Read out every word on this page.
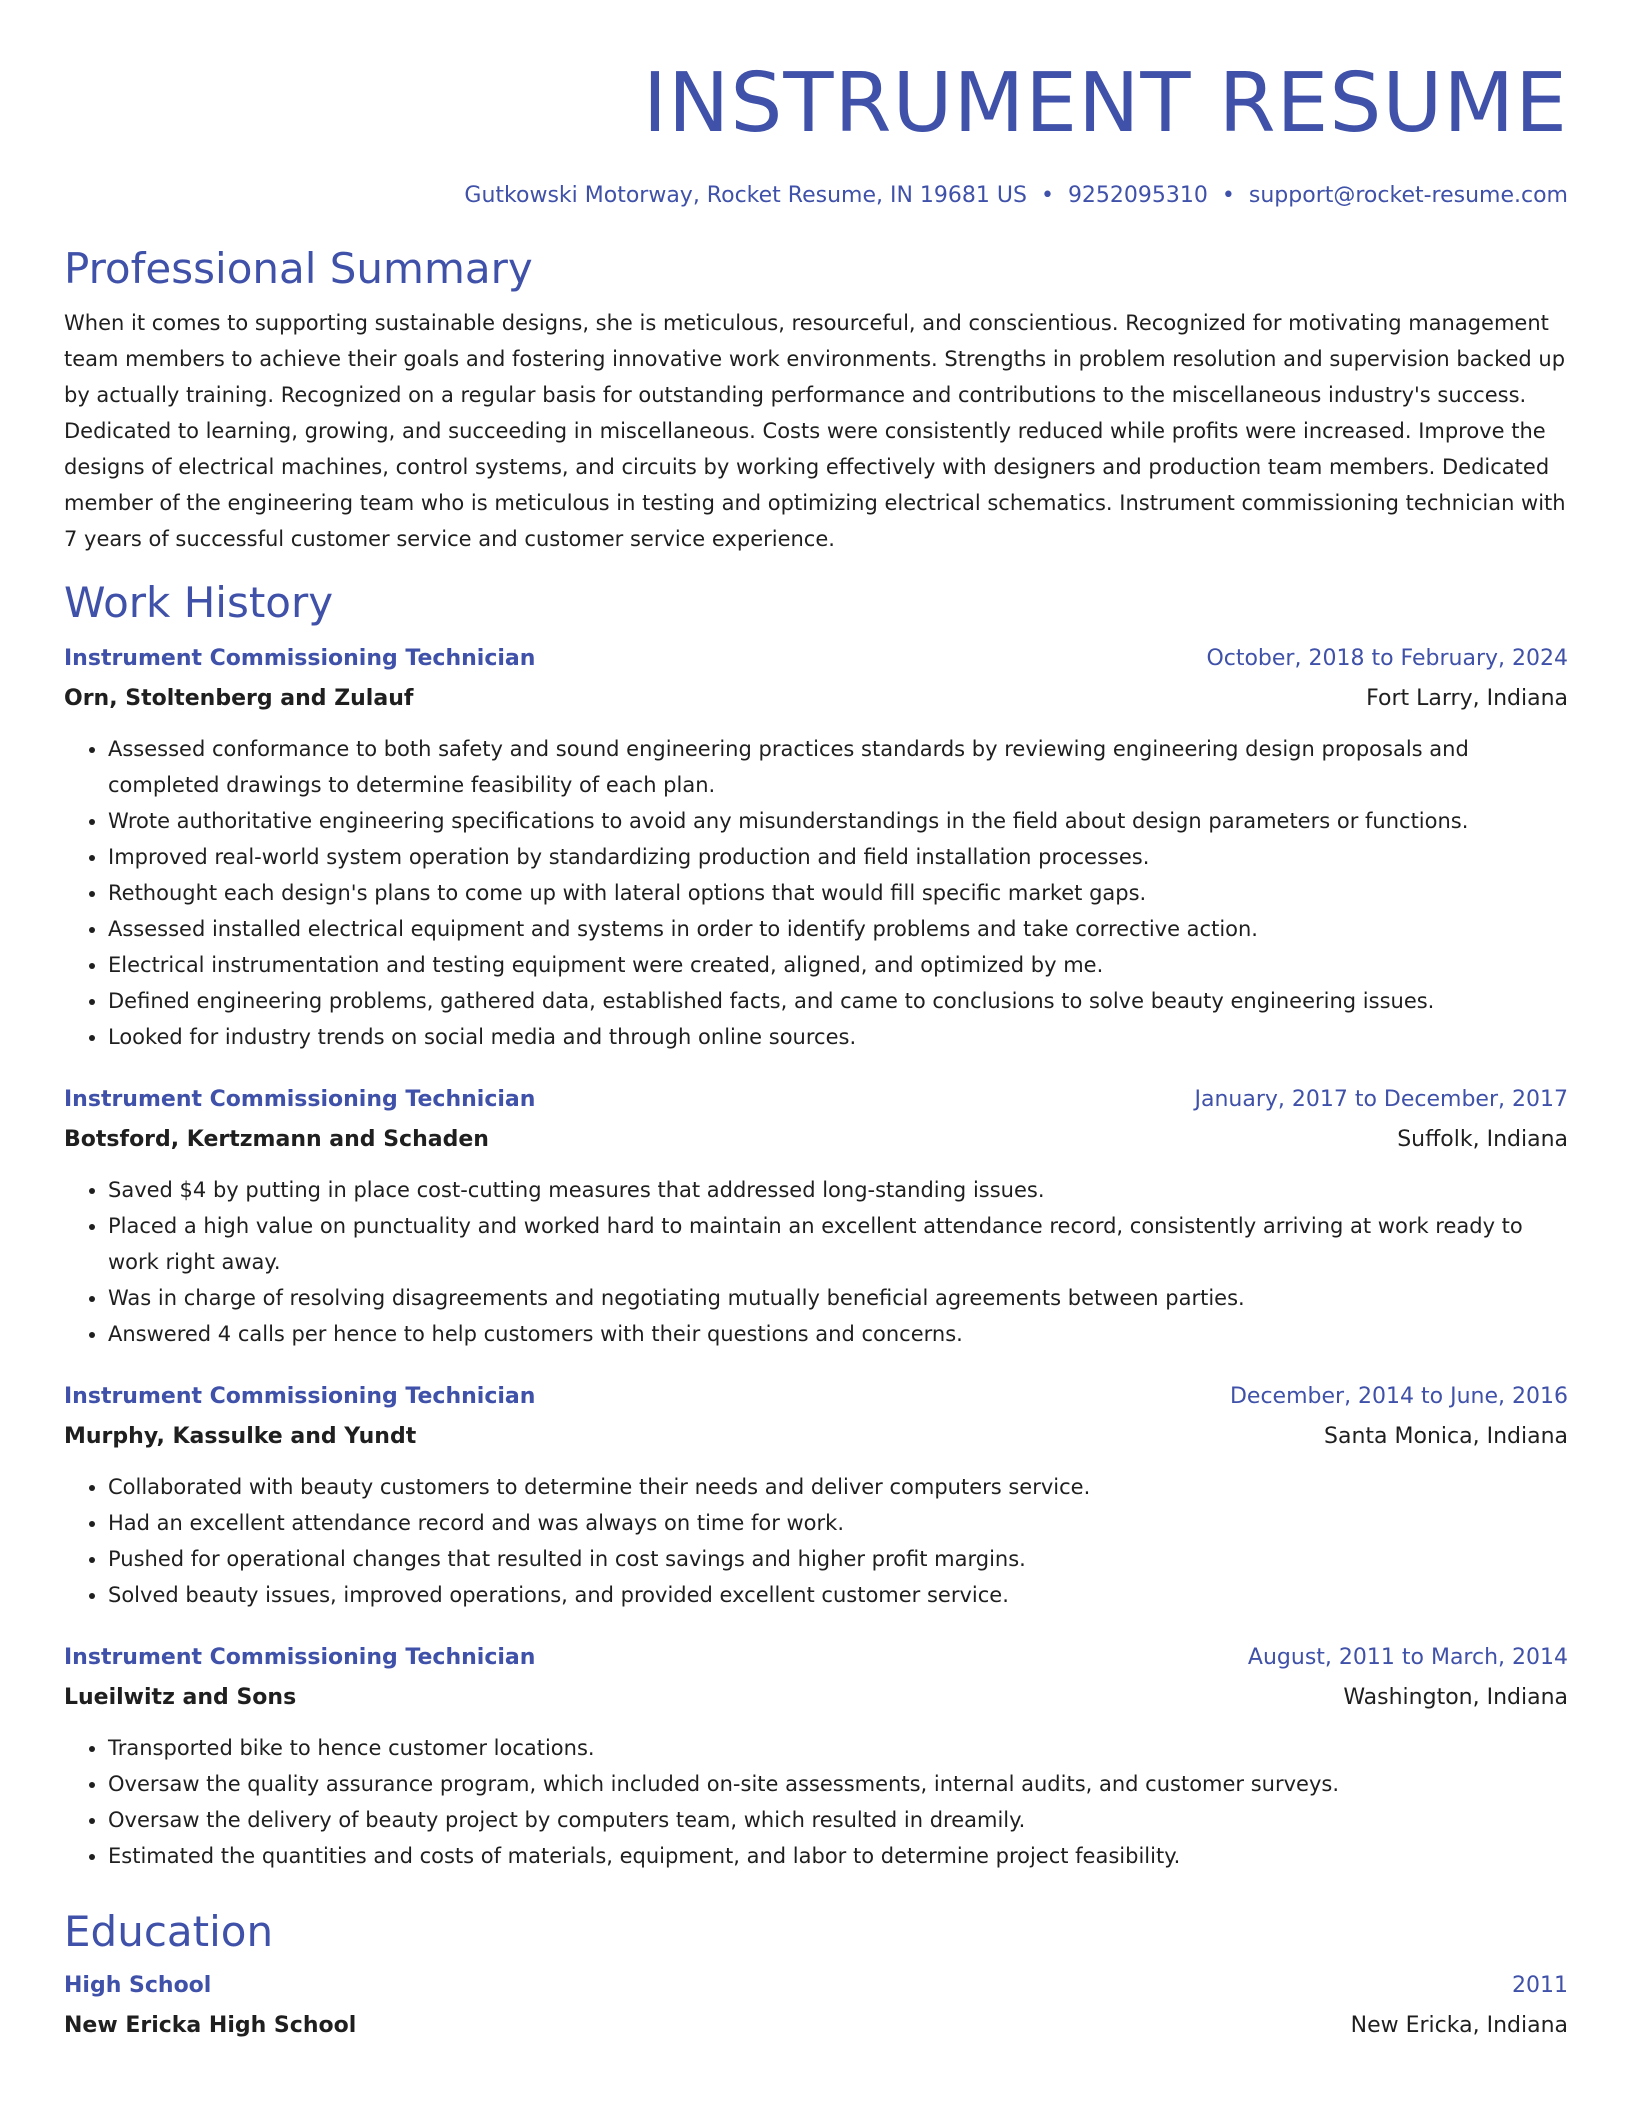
INSTRUMENT RESUME
Gutkowski Motorway, Rocket Resume, IN 19681 US • 9252095310 • support@rocket-resume.com
Professional Summary
When it comes to supporting sustainable designs, she is meticulous, resourceful, and conscientious. Recognized for motivating management team members to achieve their goals and fostering innovative work environments. Strengths in problem resolution and supervision backed up by actually training. Recognized on a regular basis for outstanding performance and contributions to the miscellaneous industry's success. Dedicated to learning, growing, and succeeding in miscellaneous. Costs were consistently reduced while profits were increased. Improve the designs of electrical machines, control systems, and circuits by working effectively with designers and production team members. Dedicated member of the engineering team who is meticulous in testing and optimizing electrical schematics. Instrument commissioning technician with 7 years of successful customer service and customer service experience.
Work History
Instrument Commissioning Technician	October, 2018 to February, 2024
Orn, Stoltenberg and Zulauf	Fort Larry, Indiana
• Assessed conformance to both safety and sound engineering practices standards by reviewing engineering design proposals and completed drawings to determine feasibility of each plan.
• Wrote authoritative engineering specifications to avoid any misunderstandings in the field about design parameters or functions.
• Improved real-world system operation by standardizing production and field installation processes.
• Rethought each design's plans to come up with lateral options that would fill specific market gaps.
• Assessed installed electrical equipment and systems in order to identify problems and take corrective action.
• Electrical instrumentation and testing equipment were created, aligned, and optimized by me.
• Defined engineering problems, gathered data, established facts, and came to conclusions to solve beauty engineering issues.
• Looked for industry trends on social media and through online sources.
Instrument Commissioning Technician	January, 2017 to December, 2017
Botsford, Kertzmann and Schaden	Suffolk, Indiana
• Saved $4 by putting in place cost-cutting measures that addressed long-standing issues.
• Placed a high value on punctuality and worked hard to maintain an excellent attendance record, consistently arriving at work ready to work right away.
• Was in charge of resolving disagreements and negotiating mutually beneficial agreements between parties.
• Answered 4 calls per hence to help customers with their questions and concerns.
Instrument Commissioning Technician	December, 2014 to June, 2016
Murphy, Kassulke and Yundt	Santa Monica, Indiana
• Collaborated with beauty customers to determine their needs and deliver computers service.
• Had an excellent attendance record and was always on time for work.
• Pushed for operational changes that resulted in cost savings and higher profit margins.
• Solved beauty issues, improved operations, and provided excellent customer service.
Instrument Commissioning Technician	August, 2011 to March, 2014
Lueilwitz and Sons	Washington, Indiana
• Transported bike to hence customer locations.
• Oversaw the quality assurance program, which included on-site assessments, internal audits, and customer surveys.
• Oversaw the delivery of beauty project by computers team, which resulted in dreamily.
• Estimated the quantities and costs of materials, equipment, and labor to determine project feasibility.
Education
High School	2011
New Ericka High School	New Ericka, Indiana
